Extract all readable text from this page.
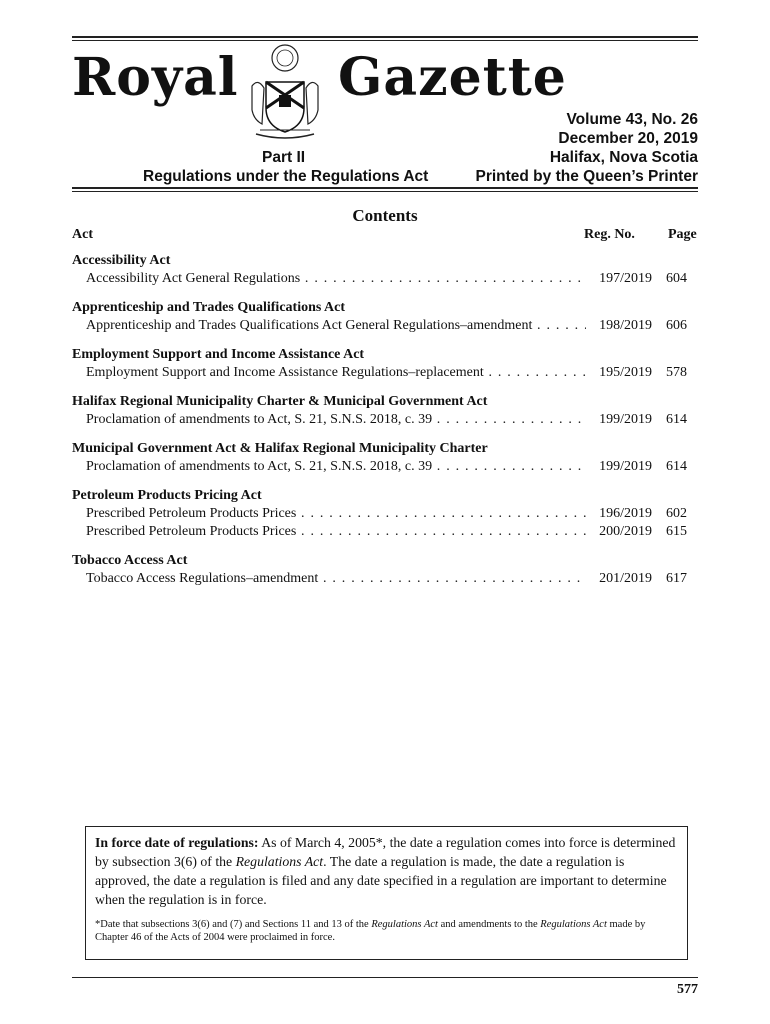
Royal Gazette
Volume 43, No. 26
December 20, 2019
Part II	Halifax, Nova Scotia
Regulations under the Regulations Act	Printed by the Queen’s Printer
Contents
Act	Reg. No. Page
Accessibility Act
Accessibility Act General Regulations . . .	197/2019 604
Apprenticeship and Trades Qualifications Act
Apprenticeship and Trades Qualifications Act General Regulations–amendment . . .	198/2019 606
Employment Support and Income Assistance Act
Employment Support and Income Assistance Regulations–replacement . . .	195/2019 578
Halifax Regional Municipality Charter & Municipal Government Act
Proclamation of amendments to Act, S. 21, S.N.S. 2018, c. 39 . . .	199/2019 614
Municipal Government Act & Halifax Regional Municipality Charter
Proclamation of amendments to Act, S. 21, S.N.S. 2018, c. 39 . . .	199/2019 614
Petroleum Products Pricing Act
Prescribed Petroleum Products Prices . . .	196/2019 602
Prescribed Petroleum Products Prices . . .	200/2019 615
Tobacco Access Act
Tobacco Access Regulations–amendment . . .	201/2019 617

In force date of regulations: As of March 4, 2005*, the date a regulation comes into force is determined by subsection 3(6) of the Regulations Act. The date a regulation is made, the date a regulation is approved, the date a regulation is filed and any date specified in a regulation are important to determine when the regulation is in force.

*Date that subsections 3(6) and (7) and Sections 11 and 13 of the Regulations Act and amendments to the Regulations Act made by Chapter 46 of the Acts of 2004 were proclaimed in force.

577
